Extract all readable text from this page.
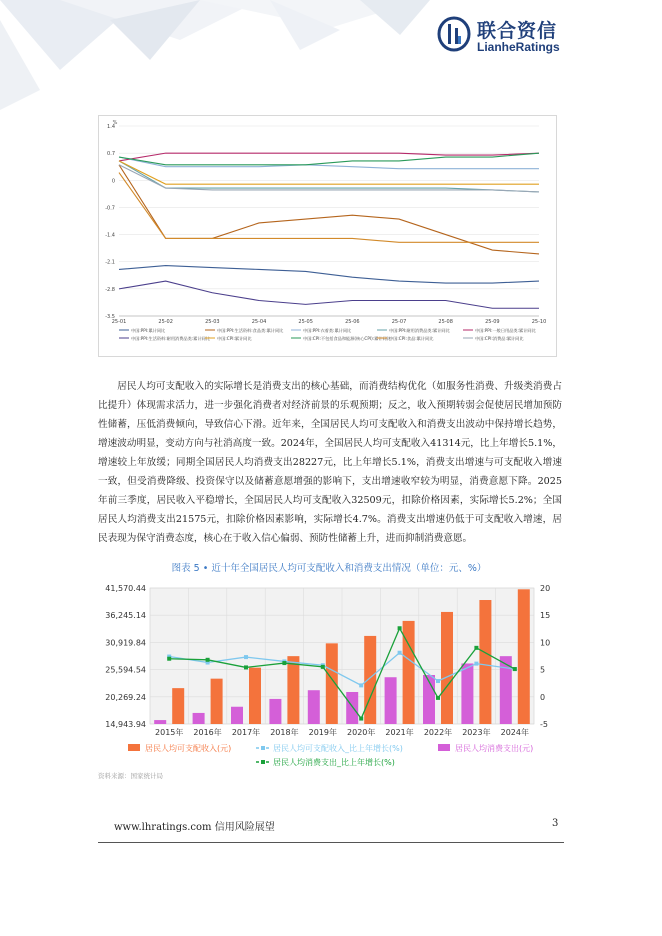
联合资信
LianheRatings
%
1.4
0.7
0
-0.7
-1.4
-2.1
-2.8
-3.5
25-01	25-02	25-03	25-04	25-05	25-06	25-07	25-08	25-09	25-10
中国:PPI:累计同比	中国:PPI:生活资料:食品类:累计同比	中国:PPI:衣着类:累计同比	中国:PPI:耐用消费品类:累计同比	中国:PPI:一般日用品类:累计同比
中国:PPI:生活资料:耐用消费品类:累计同比 中国:CPI:累计同比	中国:CPI:不包括食品和能源(核心CPI):累计同比
中国:CPI:食品:累计同比	中国:CPI:消费品:累计同比
居民人均可支配收入的实际增长是消费支出的核心基础，而消费结构优化（如服务性消费、升级类消费占比提升）体现需求活力，进一步强化消费者对经济前景的乐观预期；反之，收入预期转弱会促使居民增加预防性储蓄，压低消费倾向，导致信心下滑。近年来，全国居民人均可支配收入和消费支出波动中保持增长趋势，增速波动明显，变动方向与社消高度一致。2024年，全国居民人均可支配收入41314元，比上年增长5.1%，增速较上年放缓；同期全国居民人均消费支出28227元，比上年增长5.1%，消费支出增速与可支配收入增速一致，但受消费降级、投资保守以及储蓄意愿增强的影响下，支出增速收窄较为明显，消费意愿下降。2025年前三季度，居民收入平稳增长，全国居民人均可支配收入32509元，扣除价格因素，实际增长5.2%；全国居民人均消费支出21575元，扣除价格因素影响，实际增长4.7%。消费支出增速仍低于可支配收入增速，居民表现为保守消费态度，核心在于收入信心偏弱、预防性储蓄上升，进而抑制消费意愿。
图表 5 • 近十年全国居民人均可支配收入和消费支出情况（单位：元、%）
41,570.44
36,245.14
30,919.84
25,594.54
20,269.24
14,943.94
20
15
10
5
0
-5
2015年 2016年 2017年 2018年 2019年 2020年 2021年 2022年 2023年 2024年
居民人均可支配收入(元)	居民人均可支配收入_比上年增长(%)	居民人均消费支出(元)
居民人均消费支出_比上年增长(%)
资料来源：国家统计局
www.lhratings.com 信用风险展望	3
